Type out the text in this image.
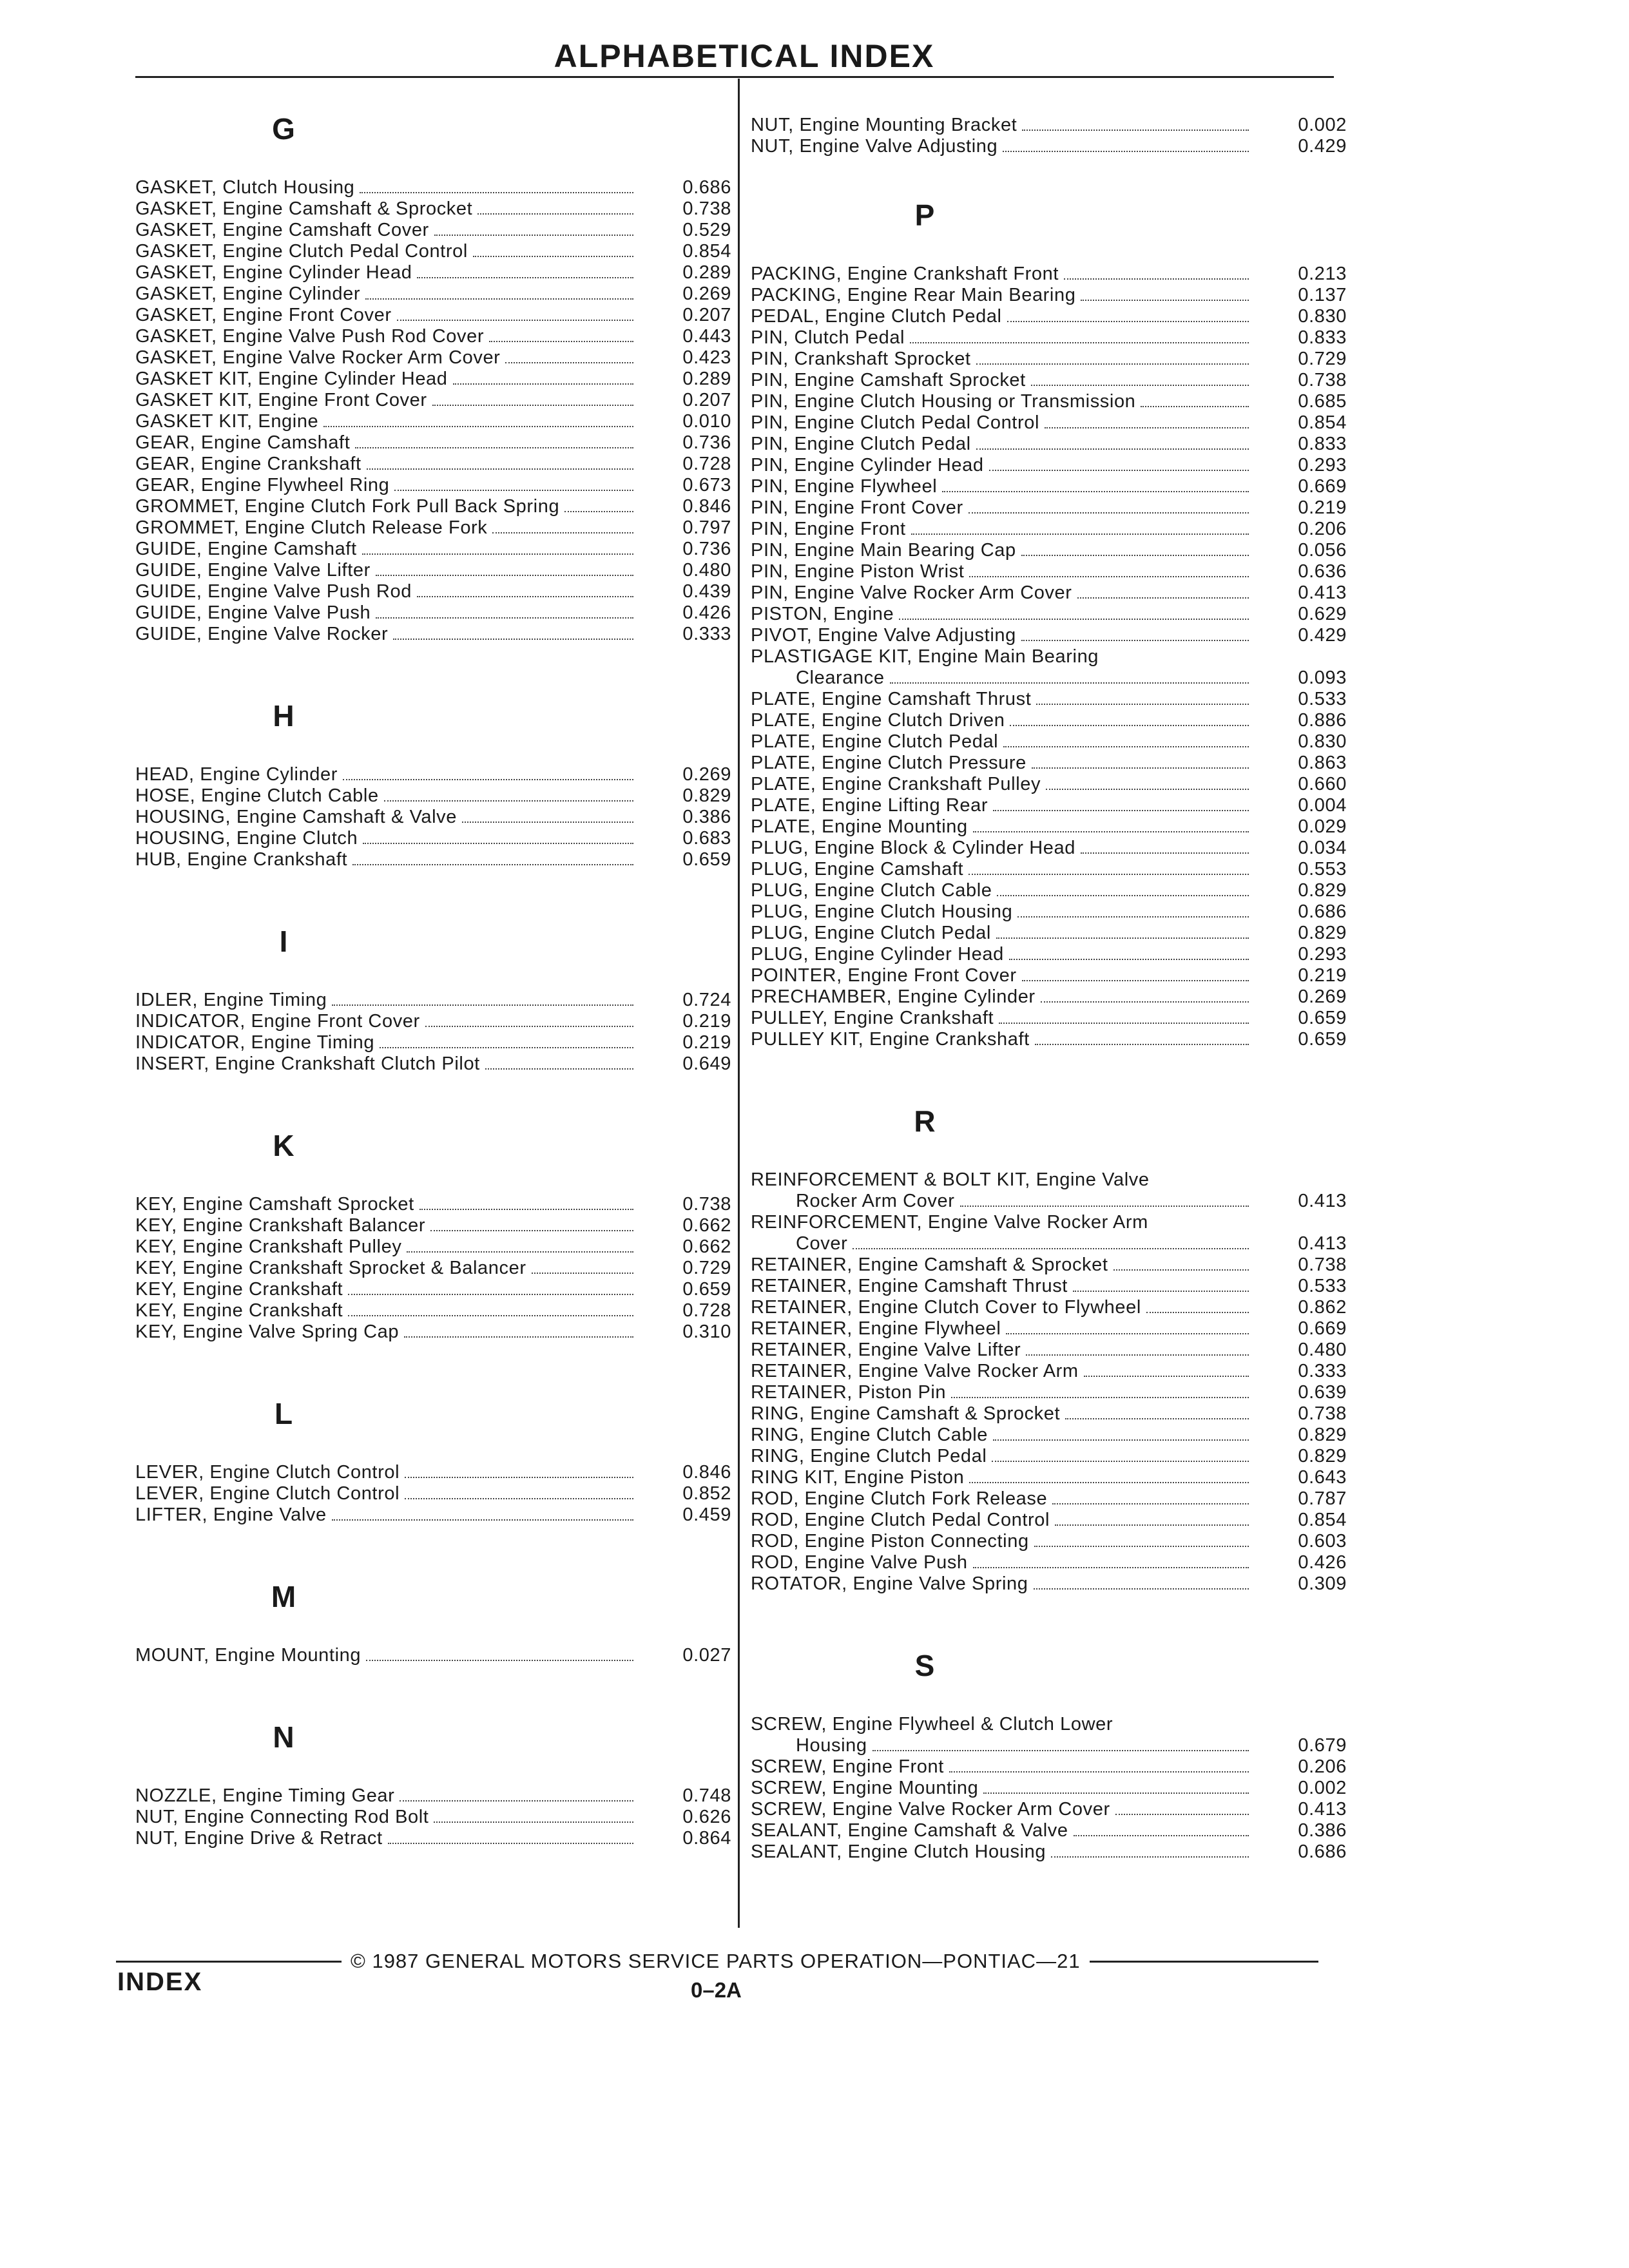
ALPHABETICAL INDEX
G
GASKET, Clutch Housing	0.686
GASKET, Engine Camshaft & Sprocket	0.738
GASKET, Engine Camshaft Cover	0.529
GASKET, Engine Clutch Pedal Control	0.854
GASKET, Engine Cylinder Head	0.289
GASKET, Engine Cylinder	0.269
GASKET, Engine Front Cover	0.207
GASKET, Engine Valve Push Rod Cover	0.443
GASKET, Engine Valve Rocker Arm Cover	0.423
GASKET KIT, Engine Cylinder Head	0.289
GASKET KIT, Engine Front Cover	0.207
GASKET KIT, Engine	0.010
GEAR, Engine Camshaft	0.736
GEAR, Engine Crankshaft	0.728
GEAR, Engine Flywheel Ring	0.673
GROMMET, Engine Clutch Fork Pull Back Spring	0.846
GROMMET, Engine Clutch Release Fork	0.797
GUIDE, Engine Camshaft	0.736
GUIDE, Engine Valve Lifter	0.480
GUIDE, Engine Valve Push Rod	0.439
GUIDE, Engine Valve Push	0.426
GUIDE, Engine Valve Rocker	0.333
H
HEAD, Engine Cylinder	0.269
HOSE, Engine Clutch Cable	0.829
HOUSING, Engine Camshaft & Valve	0.386
HOUSING, Engine Clutch	0.683
HUB, Engine Crankshaft	0.659
I
IDLER, Engine Timing	0.724
INDICATOR, Engine Front Cover	0.219
INDICATOR, Engine Timing	0.219
INSERT, Engine Crankshaft Clutch Pilot	0.649
K
KEY, Engine Camshaft Sprocket	0.738
KEY, Engine Crankshaft Balancer	0.662
KEY, Engine Crankshaft Pulley	0.662
KEY, Engine Crankshaft Sprocket & Balancer	0.729
KEY, Engine Crankshaft	0.659
KEY, Engine Crankshaft	0.728
KEY, Engine Valve Spring Cap	0.310
L
LEVER, Engine Clutch Control	0.846
LEVER, Engine Clutch Control	0.852
LIFTER, Engine Valve	0.459
M
MOUNT, Engine Mounting	0.027
N
NOZZLE, Engine Timing Gear	0.748
NUT, Engine Connecting Rod Bolt	0.626
NUT, Engine Drive & Retract	0.864
NUT, Engine Mounting Bracket	0.002
NUT, Engine Valve Adjusting	0.429
P
PACKING, Engine Crankshaft Front	0.213
PACKING, Engine Rear Main Bearing	0.137
PEDAL, Engine Clutch Pedal	0.830
PIN, Clutch Pedal	0.833
PIN, Crankshaft Sprocket	0.729
PIN, Engine Camshaft Sprocket	0.738
PIN, Engine Clutch Housing or Transmission	0.685
PIN, Engine Clutch Pedal Control	0.854
PIN, Engine Clutch Pedal	0.833
PIN, Engine Cylinder Head	0.293
PIN, Engine Flywheel	0.669
PIN, Engine Front Cover	0.219
PIN, Engine Front	0.206
PIN, Engine Main Bearing Cap	0.056
PIN, Engine Piston Wrist	0.636
PIN, Engine Valve Rocker Arm Cover	0.413
PISTON, Engine	0.629
PIVOT, Engine Valve Adjusting	0.429
PLASTIGAGE KIT, Engine Main Bearing
Clearance	0.093
PLATE, Engine Camshaft Thrust	0.533
PLATE, Engine Clutch Driven	0.886
PLATE, Engine Clutch Pedal	0.830
PLATE, Engine Clutch Pressure	0.863
PLATE, Engine Crankshaft Pulley	0.660
PLATE, Engine Lifting Rear	0.004
PLATE, Engine Mounting	0.029
PLUG, Engine Block & Cylinder Head	0.034
PLUG, Engine Camshaft	0.553
PLUG, Engine Clutch Cable	0.829
PLUG, Engine Clutch Housing	0.686
PLUG, Engine Clutch Pedal	0.829
PLUG, Engine Cylinder Head	0.293
POINTER, Engine Front Cover	0.219
PRECHAMBER, Engine Cylinder	0.269
PULLEY, Engine Crankshaft	0.659
PULLEY KIT, Engine Crankshaft	0.659
R
REINFORCEMENT & BOLT KIT, Engine Valve
Rocker Arm Cover	0.413
REINFORCEMENT, Engine Valve Rocker Arm
Cover	0.413
RETAINER, Engine Camshaft & Sprocket	0.738
RETAINER, Engine Camshaft Thrust	0.533
RETAINER, Engine Clutch Cover to Flywheel	0.862
RETAINER, Engine Flywheel	0.669
RETAINER, Engine Valve Lifter	0.480
RETAINER, Engine Valve Rocker Arm	0.333
RETAINER, Piston Pin	0.639
RING, Engine Camshaft & Sprocket	0.738
RING, Engine Clutch Cable	0.829
RING, Engine Clutch Pedal	0.829
RING KIT, Engine Piston	0.643
ROD, Engine Clutch Fork Release	0.787
ROD, Engine Clutch Pedal Control	0.854
ROD, Engine Piston Connecting	0.603
ROD, Engine Valve Push	0.426
ROTATOR, Engine Valve Spring	0.309
S
SCREW, Engine Flywheel & Clutch Lower
Housing	0.679
SCREW, Engine Front	0.206
SCREW, Engine Mounting	0.002
SCREW, Engine Valve Rocker Arm Cover	0.413
SEALANT, Engine Camshaft & Valve	0.386
SEALANT, Engine Clutch Housing	0.686
© 1987 GENERAL MOTORS SERVICE PARTS OPERATION—PONTIAC—21
INDEX	0–2A
